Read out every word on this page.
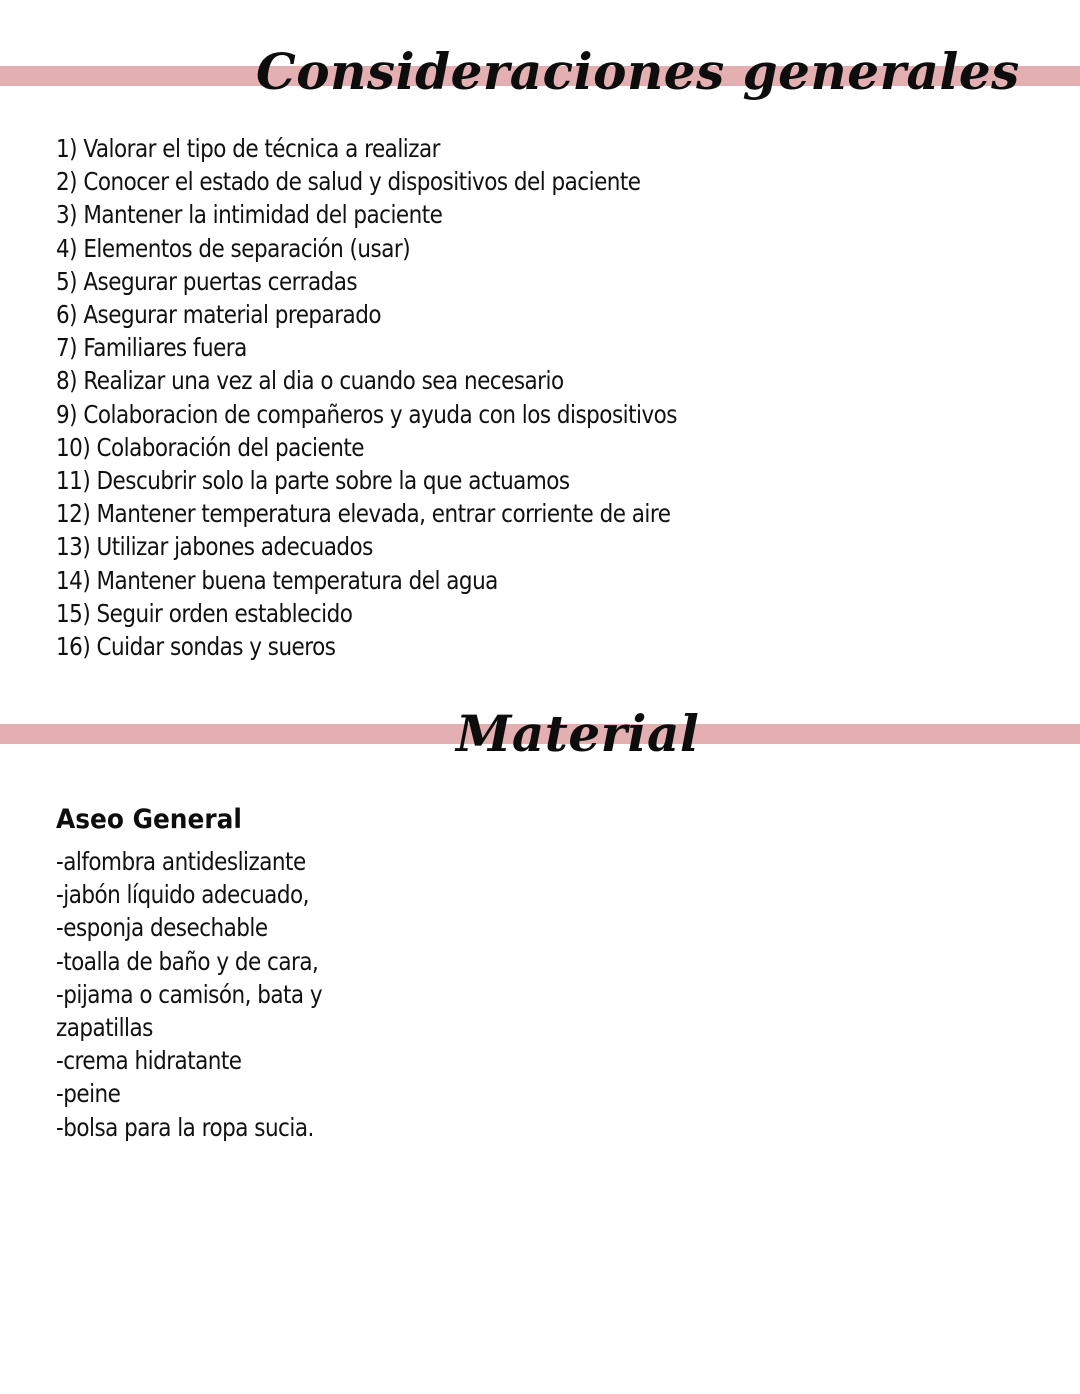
Consideraciones generales
1) Valorar el tipo de técnica a realizar
2) Conocer el estado de salud y dispositivos del paciente
3) Mantener la intimidad del paciente
4) Elementos de separación (usar)
5) Asegurar puertas cerradas
6) Asegurar material preparado
7) Familiares fuera
8) Realizar una vez al dia o cuando sea necesario
9) Colaboracion de compañeros y ayuda con los dispositivos
10) Colaboración del paciente
11) Descubrir solo la parte sobre la que actuamos
12) Mantener temperatura elevada, entrar corriente de aire
13) Utilizar jabones adecuados
14) Mantener buena temperatura del agua
15) Seguir orden establecido
16) Cuidar sondas y sueros
Material
Aseo General
-alfombra antideslizante
-jabón líquido adecuado,
-esponja desechable
-toalla de baño y de cara,
-pijama o camisón, bata y
zapatillas
-crema hidratante
-peine
-bolsa para la ropa sucia.
